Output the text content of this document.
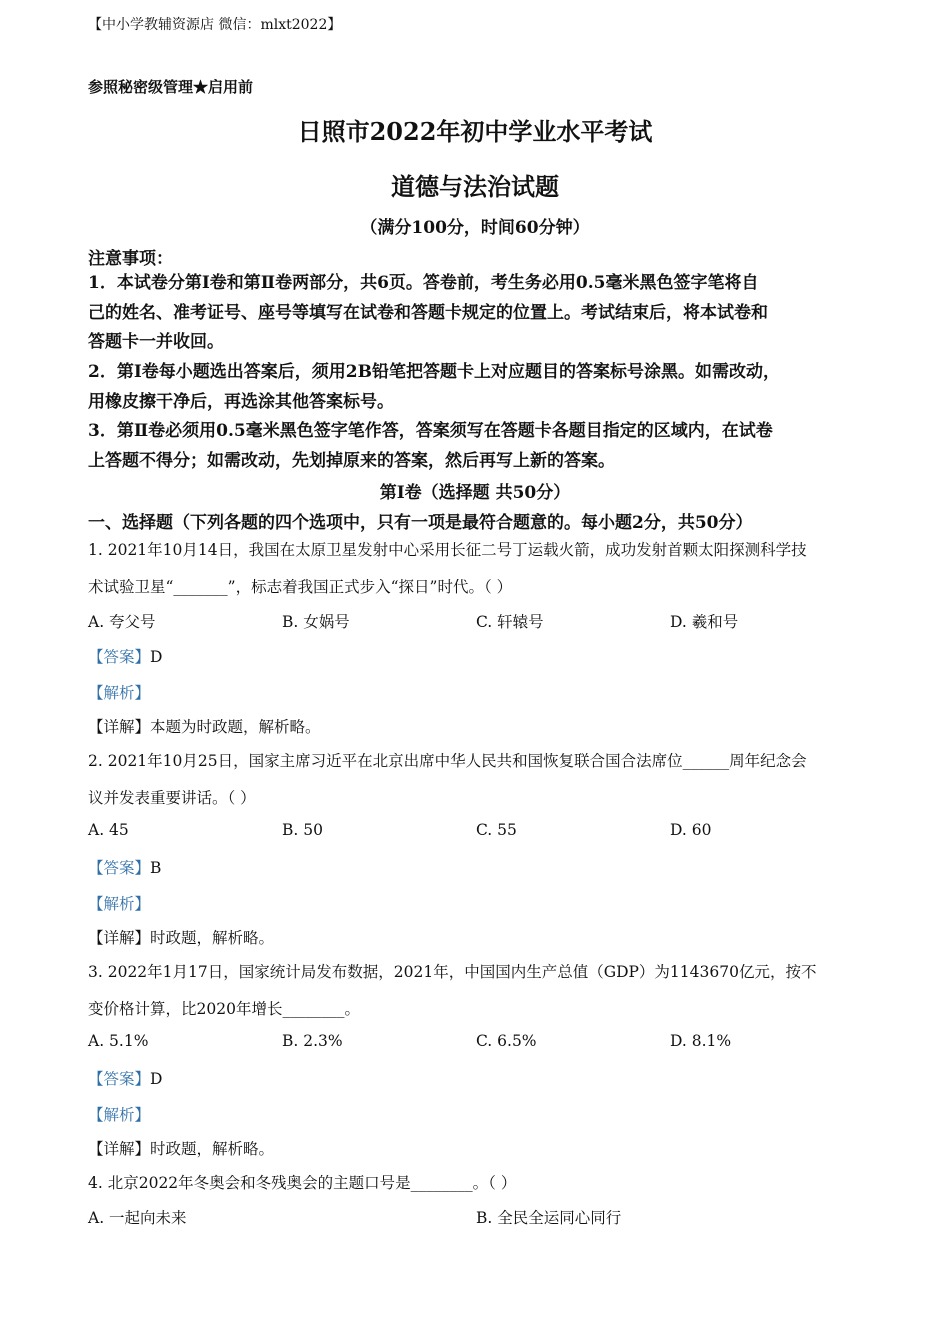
【中小学教辅资源店 微信：mlxt2022】
参照秘密级管理★启用前
日照市2022年初中学业水平考试
道德与法治试题
（满分100分，时间60分钟）
注意事项：
1．本试卷分第Ⅰ卷和第Ⅱ卷两部分，共6页。答卷前，考生务必用0.5毫米黑色签字笔将自
己的姓名、准考证号、座号等填写在试卷和答题卡规定的位置上。考试结束后，将本试卷和
答题卡一并收回。
2．第Ⅰ卷每小题选出答案后，须用2B铅笔把答题卡上对应题目的答案标号涂黑。如需改动，
用橡皮擦干净后，再选涂其他答案标号。
3．第Ⅱ卷必须用0.5毫米黑色签字笔作答，答案须写在答题卡各题目指定的区域内，在试卷
上答题不得分；如需改动，先划掉原来的答案，然后再写上新的答案。
第Ⅰ卷（选择题 共50分）
一、选择题（下列各题的四个选项中，只有一项是最符合题意的。每小题2分，共50分）
1. 2021年10月14日，我国在太原卫星发射中心采用长征二号丁运载火箭，成功发射首颗太阳探测科学技
术试验卫星“_______”，标志着我国正式步入“探日”时代。（ ）
A. 夸父号	B. 女娲号	C. 轩辕号	D. 羲和号
【答案】D
【解析】
【详解】本题为时政题，解析略。
2. 2021年10月25日，国家主席习近平在北京出席中华人民共和国恢复联合国合法席位______周年纪念会
议并发表重要讲话。（ ）
A. 45	B. 50	C. 55	D. 60
【答案】B
【解析】
【详解】时政题，解析略。
3. 2022年1月17日，国家统计局发布数据，2021年，中国国内生产总值（GDP）为1143670亿元，按不
变价格计算，比2020年增长________。
A. 5.1%	B. 2.3%	C. 6.5%	D. 8.1%
【答案】D
【解析】
【详解】时政题，解析略。
4. 北京2022年冬奥会和冬残奥会的主题口号是________。（ ）
A. 一起向未来	B. 全民全运同心同行
